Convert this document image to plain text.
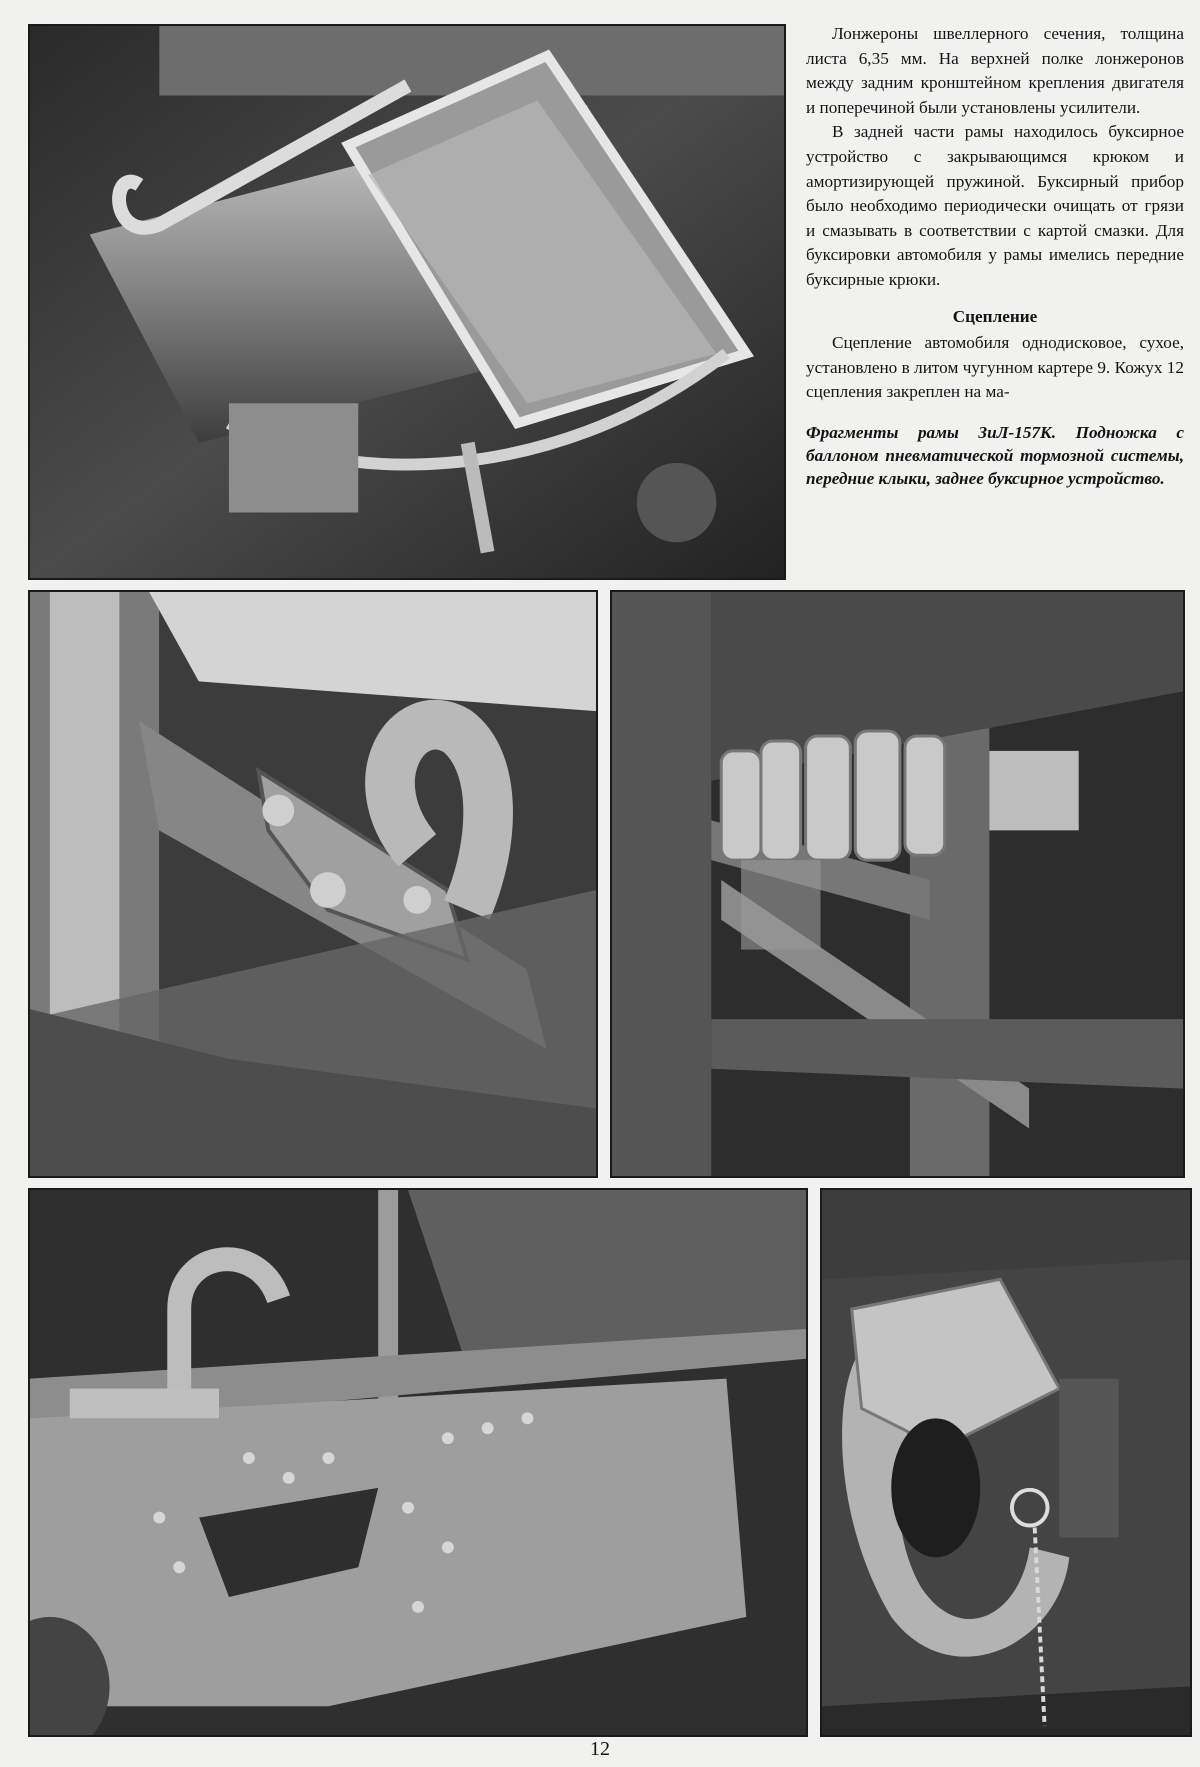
Лонжероны швеллерного сечения, толщина листа 6,35 мм. На верхней полке лонжеронов между задним кронштейном крепления двигателя и поперечиной были установлены усилители.

В задней части рамы находилось буксирное устройство с закрывающимся крюком и амортизирующей пружиной. Буксирный прибор было необходимо периодически очищать от грязи и смазывать в соответствии с картой смазки. Для буксировки автомобиля у рамы имелись передние буксирные крюки.

Сцепление

Сцепление автомобиля однодисковое, сухое, установлено в литом чугунном картере 9. Кожух 12 сцепления закреплен на ма-

Фрагменты рамы ЗиЛ-157К. Подножка с баллоном пневматической тормозной системы, передние клыки, заднее буксирное устройство.
12
